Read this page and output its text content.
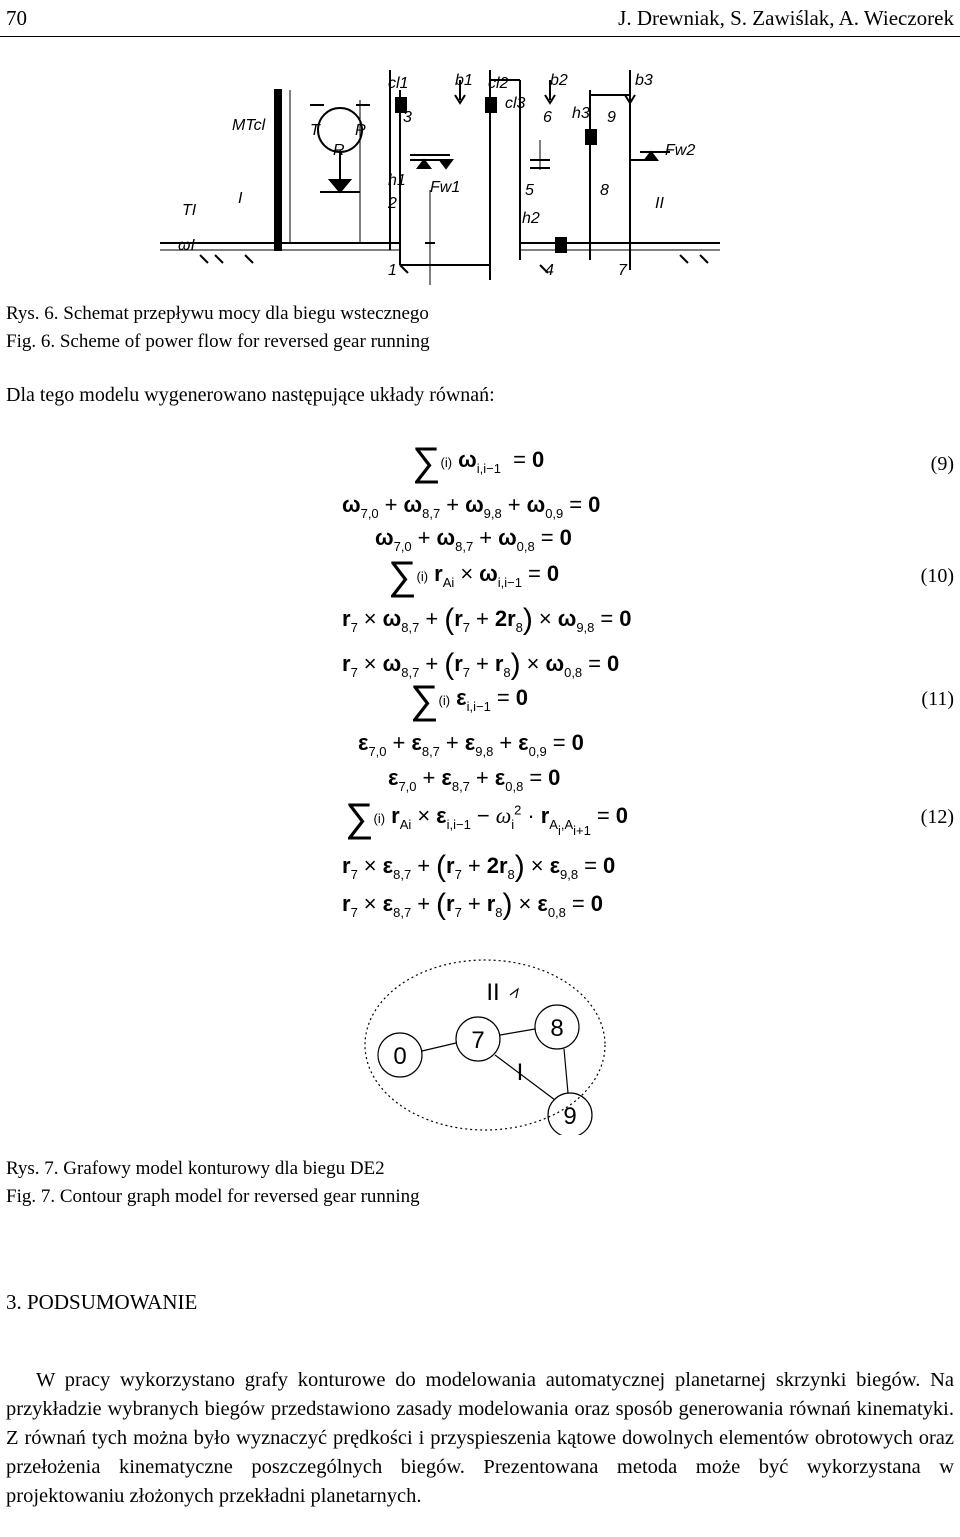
70	J. Drewniak, S. Zawiślak, A. Wieczorek
cl1	b1 cl2
cl3
b2	b3
MTcl	T P
R
3	6	9
h3
h1 Fw1
Fw2
2
5	8
h2
II
TI
I
ωI
1	4	7
Rys. 6. Schemat przepływu mocy dla biegu wstecznego
Fig. 6. Scheme of power flow for reversed gear running
Dla tego modelu wygenerowano następujące układy równań:
∑(i) $\omega_{i,i-1} = 0$	(9)
$\omega_{7,0} + \omega_{8,7} + \omega_{9,8} + \omega_{0,9} = 0$
$\omega_{7,0} + \omega_{8,7} + \omega_{0,8} = 0$
∑(i) $r_{Ai} \times \omega_{i,i-1} = 0$	(10)
$r_7 \times \omega_{8,7} + (r_7 + 2r_8) \times \omega_{9,8} = 0$
$r_7 \times \omega_{8,7} + (r_7 + r_8) \times \omega_{0,8} = 0$
∑(i) $\varepsilon_{i,i-1} = 0$	(11)
$\varepsilon_{7,0} + \varepsilon_{8,7} + \varepsilon_{9,8} + \varepsilon_{0,9} = 0$
$\varepsilon_{7,0} + \varepsilon_{8,7} + \varepsilon_{0,8} = 0$
∑(i) $r_{Ai} \times \varepsilon_{i,i-1} - \omega_i^2 \cdot r_{A_i,A_{i+1}}= 0$	(12)
$r_7 \times \varepsilon_{8,7} + (r_7 + 2r_8) \times \varepsilon_{9,8} = 0$
$r_7 \times \varepsilon_{8,7} + (r_7 + r_8) \times \varepsilon_{0,8} = 0$
0
7	8
9
I
II
Rys. 7. Grafowy model konturowy dla biegu DE2
Fig. 7. Contour graph model for reversed gear running
3. PODSUMOWANIE
W pracy wykorzystano grafy konturowe do modelowania automatycznej planetarnej skrzynki biegów. Na przykładzie wybranych biegów przedstawiono zasady modelowania oraz sposób generowania równań kinematyki. Z równań tych można było wyznaczyć prędkości i przyspieszenia kątowe dowolnych elementów obrotowych oraz przełożenia kinematyczne poszczególnych biegów. Prezentowana metoda może być wykorzystana w projektowaniu złożonych przekładni planetarnych.
